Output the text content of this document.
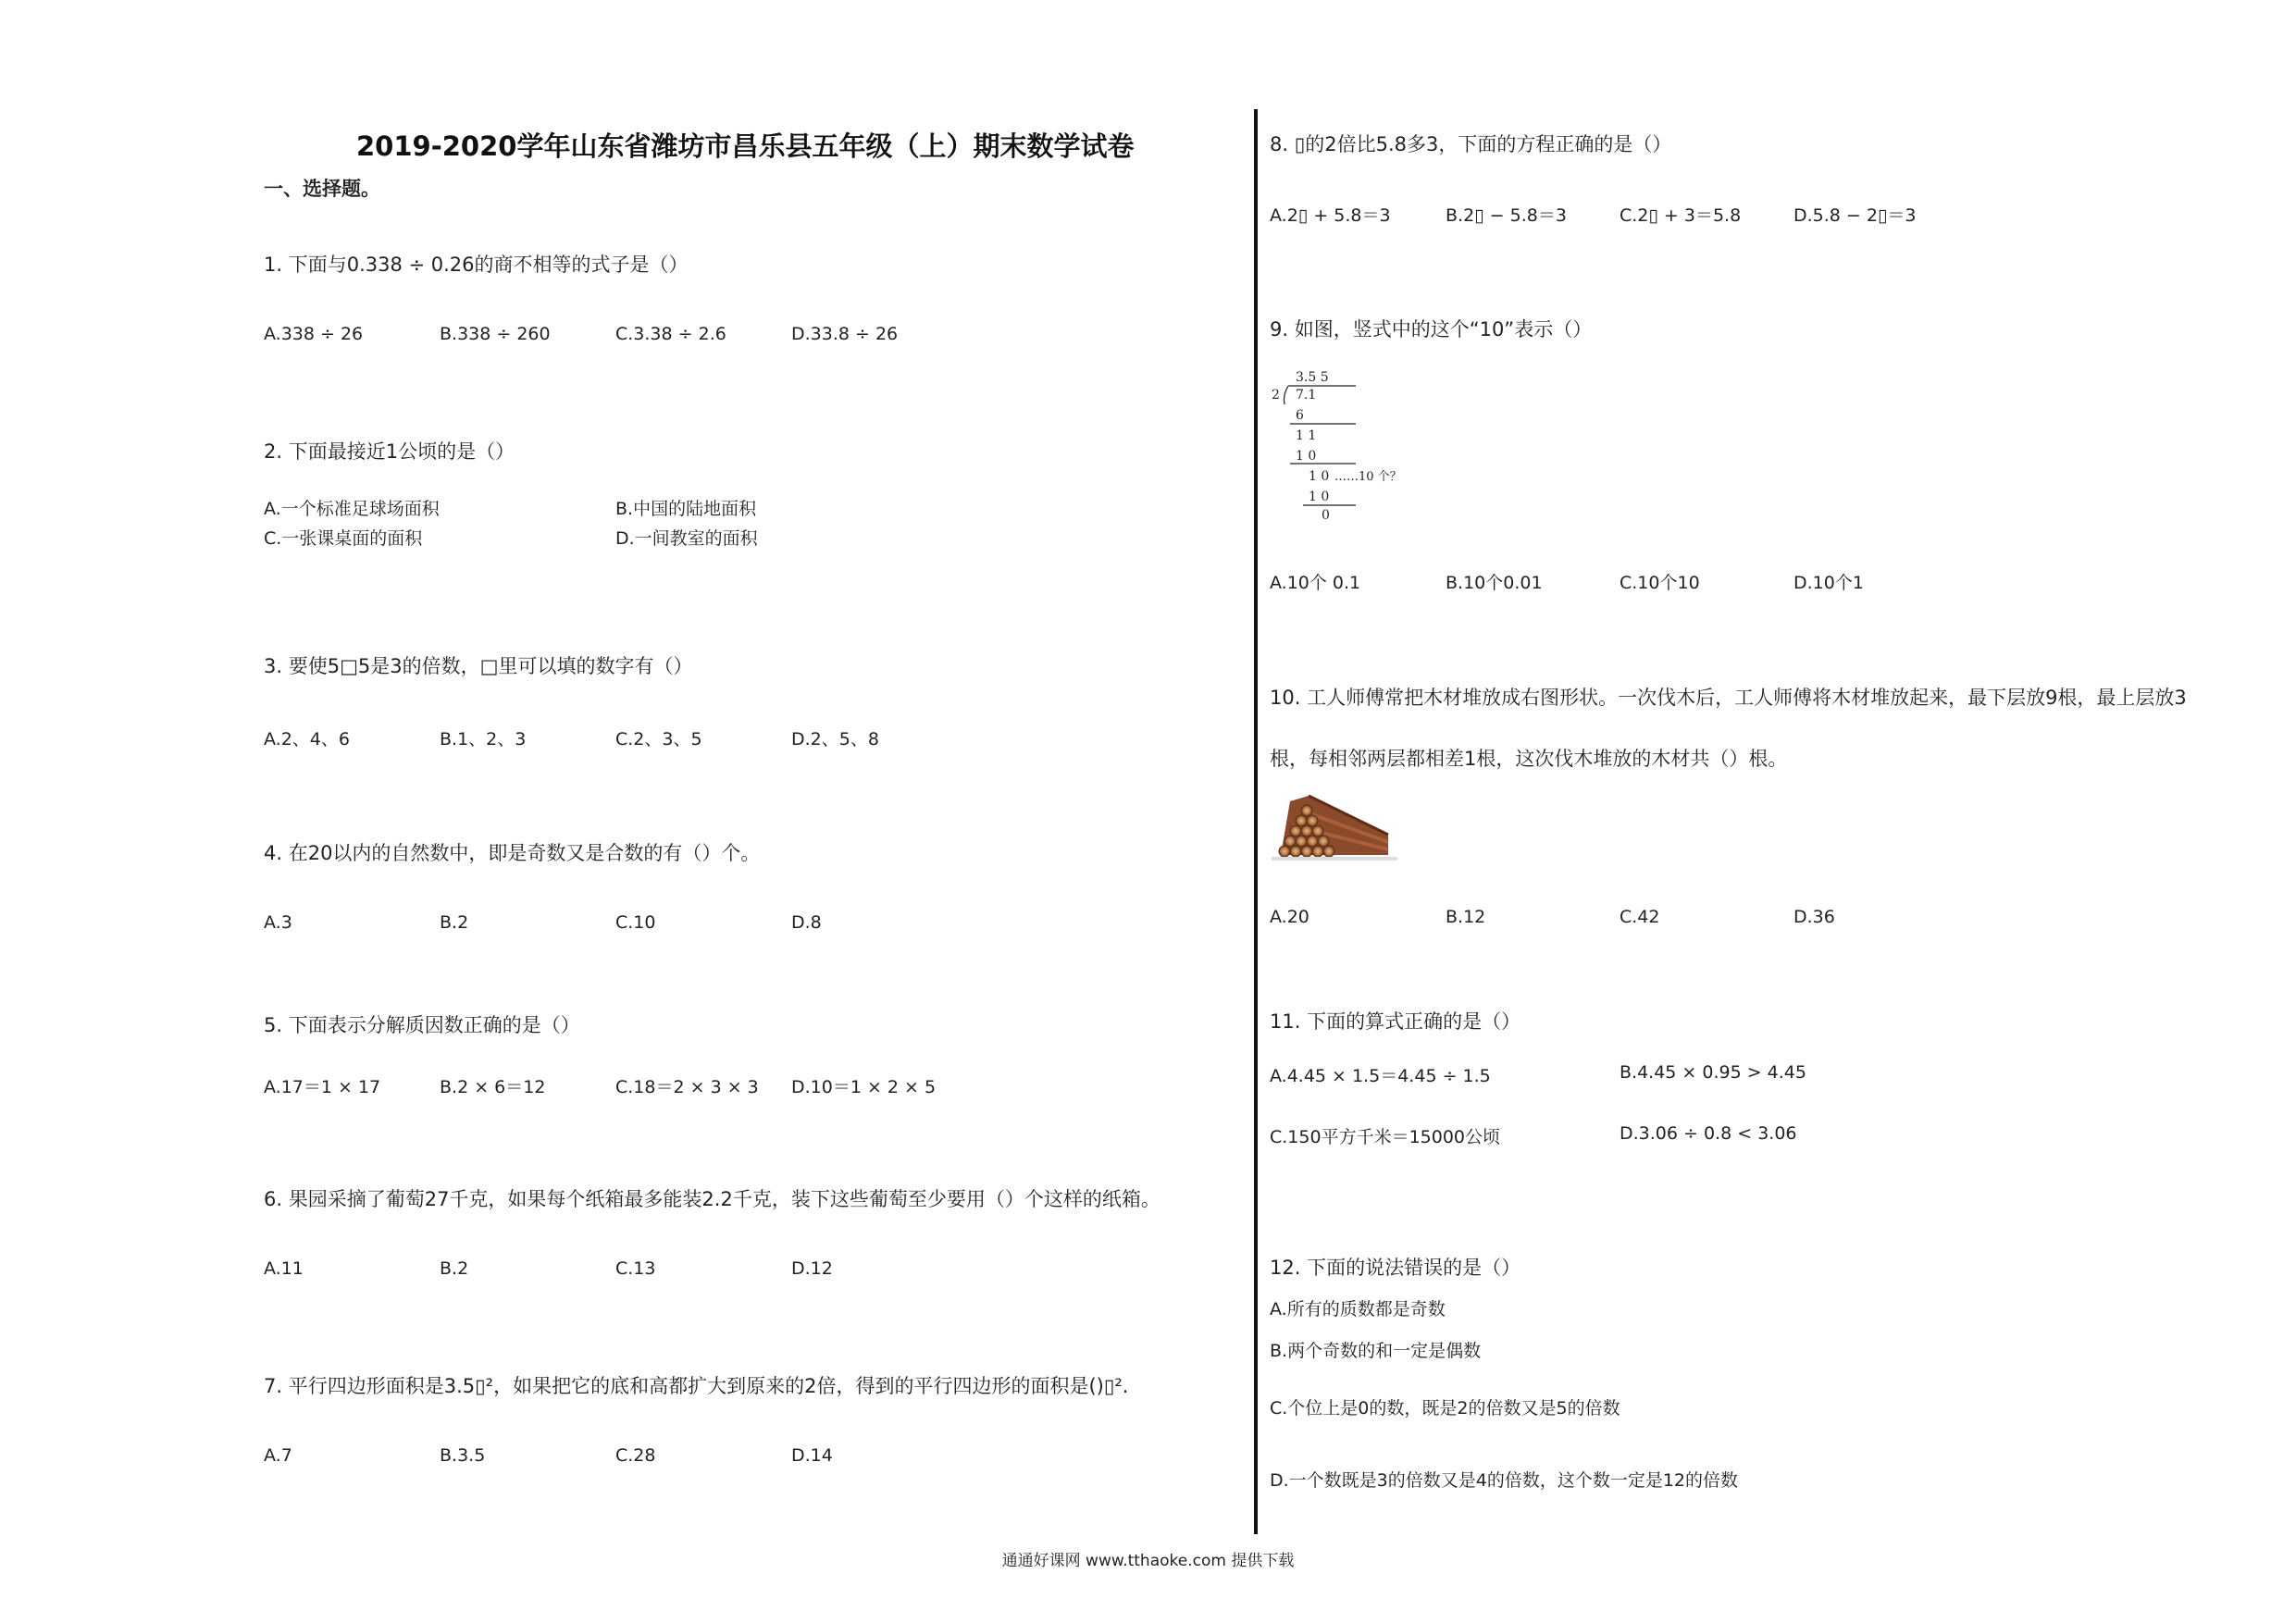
2019-2020学年山东省潍坊市昌乐县五年级（上）期末数学试卷
一、选择题。
1. 下面与0.338 ÷ 0.26的商不相等的式子是（）
A.338 ÷ 26	B.338 ÷ 260	C.3.38 ÷ 2.6	D.33.8 ÷ 26
2. 下面最接近1公顷的是（）
A.一个标准足球场面积	B.中国的陆地面积
C.一张课桌面的面积	D.一间教室的面积
3. 要使5□5是3的倍数，□里可以填的数字有（）
A.2、4、6	B.1、2、3	C.2、3、5	D.2、5、8
4. 在20以内的自然数中，即是奇数又是合数的有（）个。
A.3	B.2	C.10	D.8
5. 下面表示分解质因数正确的是（）
A.17＝1 × 17	B.2 × 6＝12	C.18＝2 × 3 × 3 D.10＝1 × 2 × 5
6. 果园采摘了葡萄27千克，如果每个纸箱最多能装2.2千克，装下这些葡萄至少要用（）个这样的纸箱。
A.11	B.2	C.13	D.12
7. 平行四边形面积是3.5▯²，如果把它的底和高都扩大到原来的2倍，得到的平行四边形的面积是()▯².
A.7	B.3.5	C.28	D.14
8. ▯的2倍比5.8多3，下面的方程正确的是（）
A.2▯ + 5.8＝3	B.2▯ − 5.8＝3	C.2▯ + 3＝5.8	D.5.8 − 2▯＝3
9. 如图，竖式中的这个“10”表示（）
3.5 5
2 7.1
6
1 1
1 0
1 0
1 0
0
……10 个？
A.10个 0.1	B.10个0.01	C.10个10	D.10个1
10. 工人师傅常把木材堆放成右图形状。一次伐木后，工人师傅将木材堆放起来，最下层放9根，最上层放3
根，每相邻两层都相差1根，这次伐木堆放的木材共（）根。
A.20	B.12	C.42	D.36
11. 下面的算式正确的是（）
A.4.45 × 1.5＝4.45 ÷ 1.5	B.4.45 × 0.95 > 4.45
C.150平方千米＝15000公顷	D.3.06 ÷ 0.8 < 3.06
12. 下面的说法错误的是（）
A.所有的质数都是奇数
B.两个奇数的和一定是偶数
C.个位上是0的数，既是2的倍数又是5的倍数
D.一个数既是3的倍数又是4的倍数，这个数一定是12的倍数
通通好课网 www.tthaoke.com 提供下载
